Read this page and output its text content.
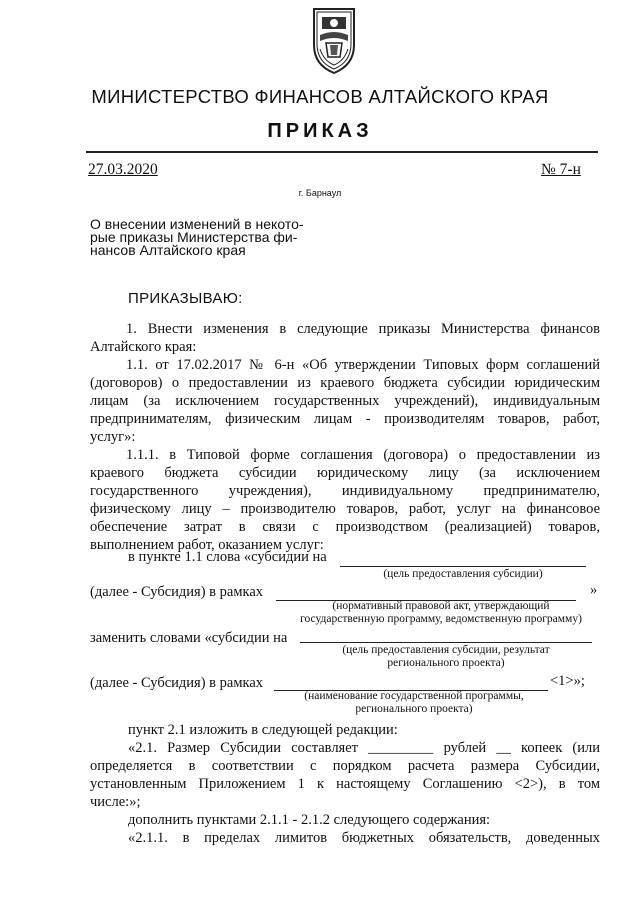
МИНИСТЕРСТВО ФИНАНСОВ АЛТАЙСКОГО КРАЯ
ПРИКАЗ
27.03.2020	№ 7-н
г. Барнаул
О внесении изменений в некото-
рые приказы Министерства фи-
нансов Алтайского края
ПРИКАЗЫВАЮ:
1. Внести изменения в следующие приказы Министерства финансов
Алтайского края:
1.1. от 17.02.2017 № 6-н «Об утверждении Типовых форм соглашений
(договоров) о предоставлении из краевого бюджета субсидии юридическим
лицам (за исключением государственных учреждений), индивидуальным
предпринимателям, физическим лицам - производителям товаров, работ,
услуг»:
1.1.1. в Типовой форме соглашения (договора) о предоставлении из
краевого бюджета субсидии юридическому лицу (за исключением
государственного учреждения), индивидуальному предпринимателю,
физическому лицу – производителю товаров, работ, услуг на финансовое
обеспечение затрат в связи с производством (реализацией) товаров,
выполнением работ, оказанием услуг:
в пункте 1.1 слова «субсидии на
(цель предоставления субсидии)
(далее - Субсидия) в рамках	»
(нормативный правовой акт, утверждающий
государственную программу, ведомственную программу)
заменить словами «субсидии на
(цель предоставления субсидии, результат
регионального проекта)
(далее - Субсидия) в рамках	<1>»;
(наименование государственной программы,
регионального проекта)
пункт 2.1 изложить в следующей редакции:
«2.1. Размер Субсидии составляет _________ рублей __ копеек (или
определяется в соответствии с порядком расчета размера Субсидии,
установленным Приложением 1 к настоящему Соглашению <2>), в том
числе:»;
дополнить пунктами 2.1.1 - 2.1.2 следующего содержания:
«2.1.1. в пределах лимитов бюджетных обязательств, доведенных
